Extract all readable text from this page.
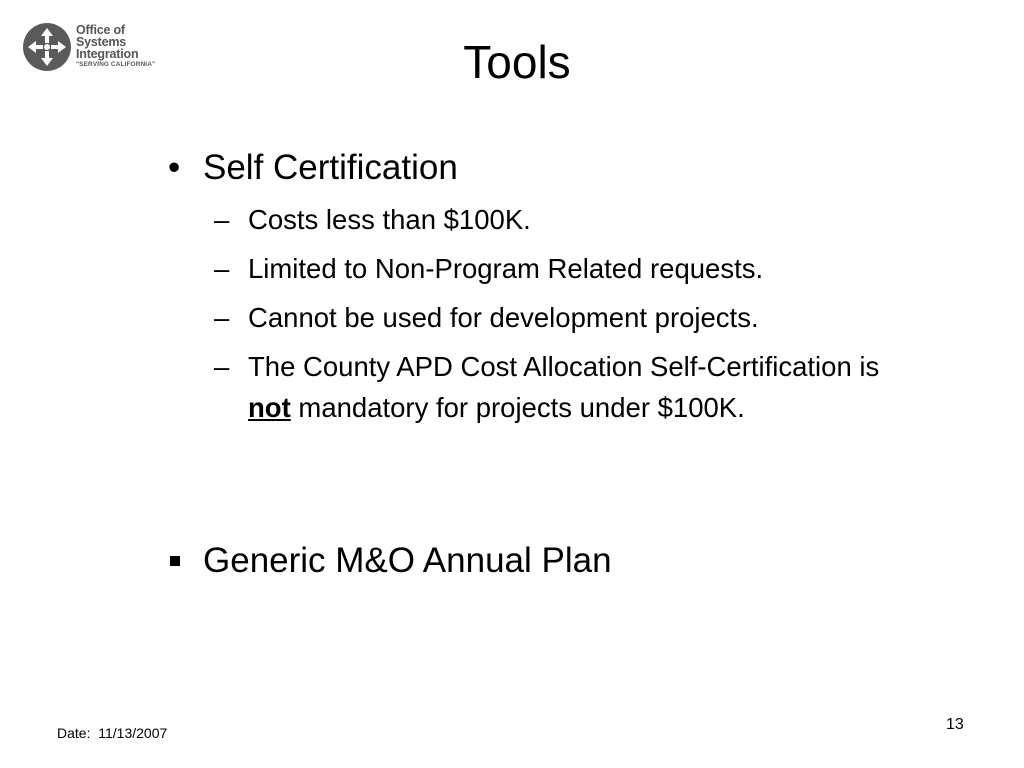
Office of
Systems
Integration
"SERVING CALIFORNIA"	Tools
• Self Certification
– Costs less than $100K.
– Limited to Non-Program Related requests.
– Cannot be used for development projects.
– The County APD Cost Allocation Self-Certification is not mandatory for projects under $100K.
Generic M&O Annual Plan
Date: 11/13/2007	13
